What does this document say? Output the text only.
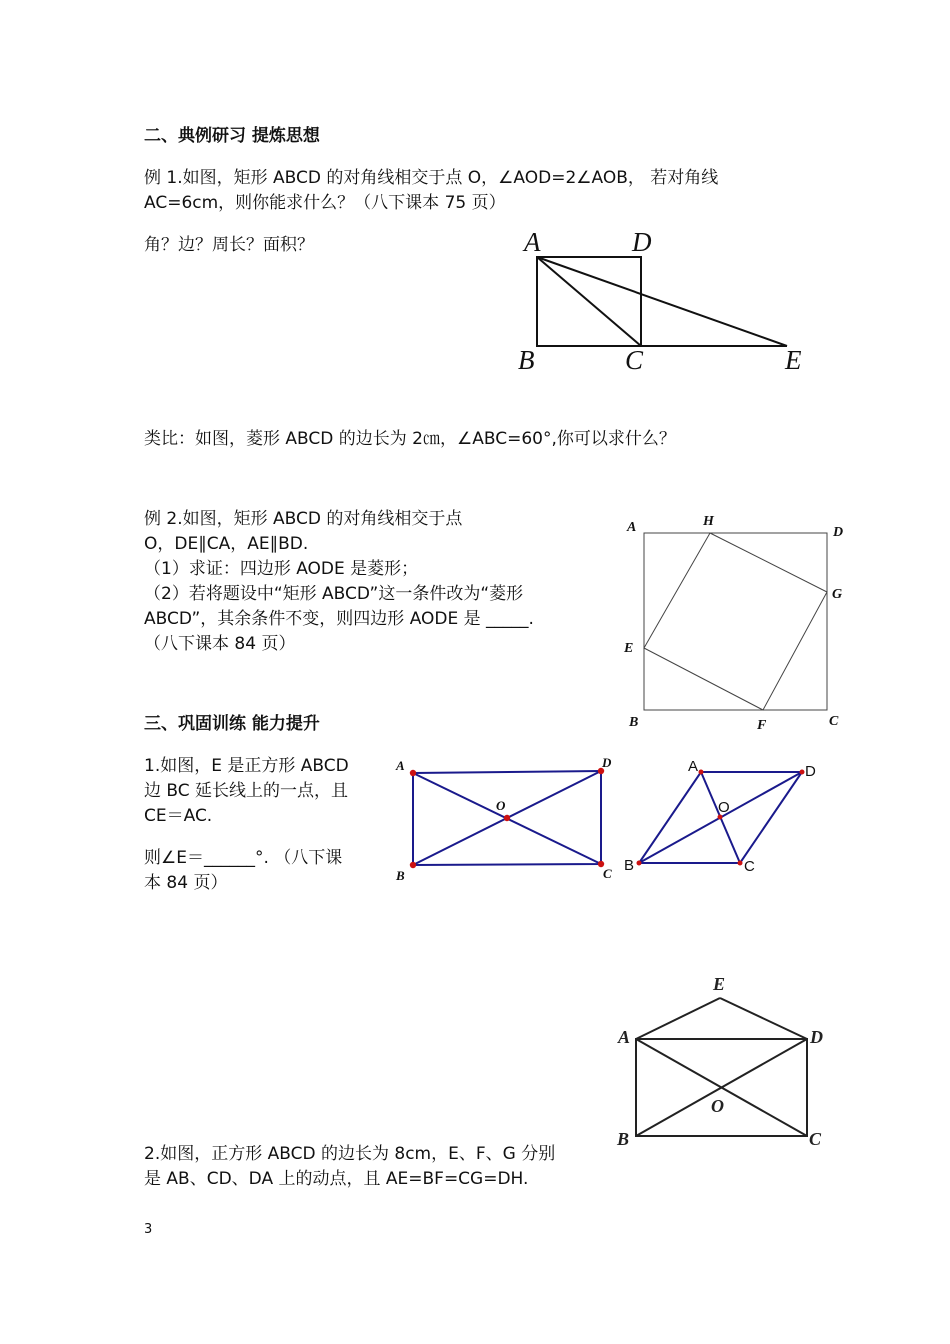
二、典例研习 提炼思想
例 1.如图，矩形 ABCD 的对角线相交于点 O，∠AOD=2∠AOB， 若对角线
AC=6cm，则你能求什么？（八下课本 75 页）
角？边？周长？面积？	A	D
B	C	E
类比：如图，菱形 ABCD 的边长为 2㎝，∠ABC=60°,你可以求什么？
例 2.如图，矩形 ABCD 的对角线相交于点
O，DE∥CA，AE∥BD.
（1）求证：四边形 AODE 是菱形；
（2）若将题设中“矩形 ABCD”这一条件改为“菱形
ABCD”，其余条件不变，则四边形 AODE 是 _____.
（八下课本 84 页）
A	H
D
G
E
B	F	C
三、巩固训练 能力提升
1.如图，E 是正方形 ABCD
边 BC 延长线上的一点，且
CE＝AC.
则∠E＝______°. （八下课
本 84 页）
A	D
O
B	C
A	D
O
B	C
E
A	D
O
B	C
2.如图，正方形 ABCD 的边长为 8cm，E、F、G 分别
是 AB、CD、DA 上的动点，且 AE=BF=CG=DH.
3
